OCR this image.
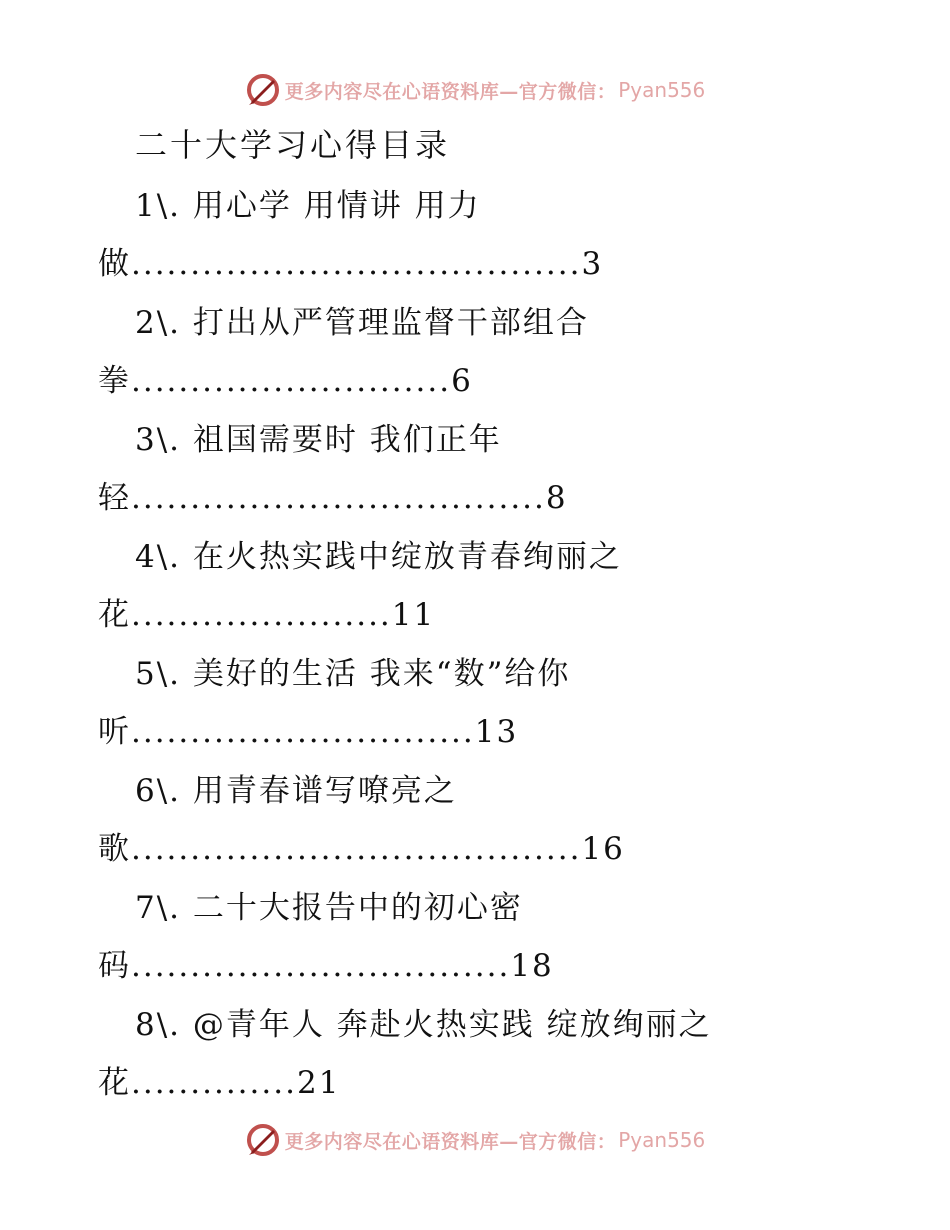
更多内容尽在心语资料库—官方微信： Pyan556
二十大学习心得目录
1\. 用心学 用情讲 用力
做......................................3
2\. 打出从严管理监督干部组合
拳...........................6
3\. 祖国需要时 我们正年
轻...................................8
4\. 在火热实践中绽放青春绚丽之
花......................11
5\. 美好的生活 我来“数”给你
听.............................13
6\. 用青春谱写嘹亮之
歌......................................16
7\. 二十大报告中的初心密
码................................18
8\. @青年人 奔赴火热实践 绽放绚丽之
花..............21
更多内容尽在心语资料库—官方微信： Pyan556
